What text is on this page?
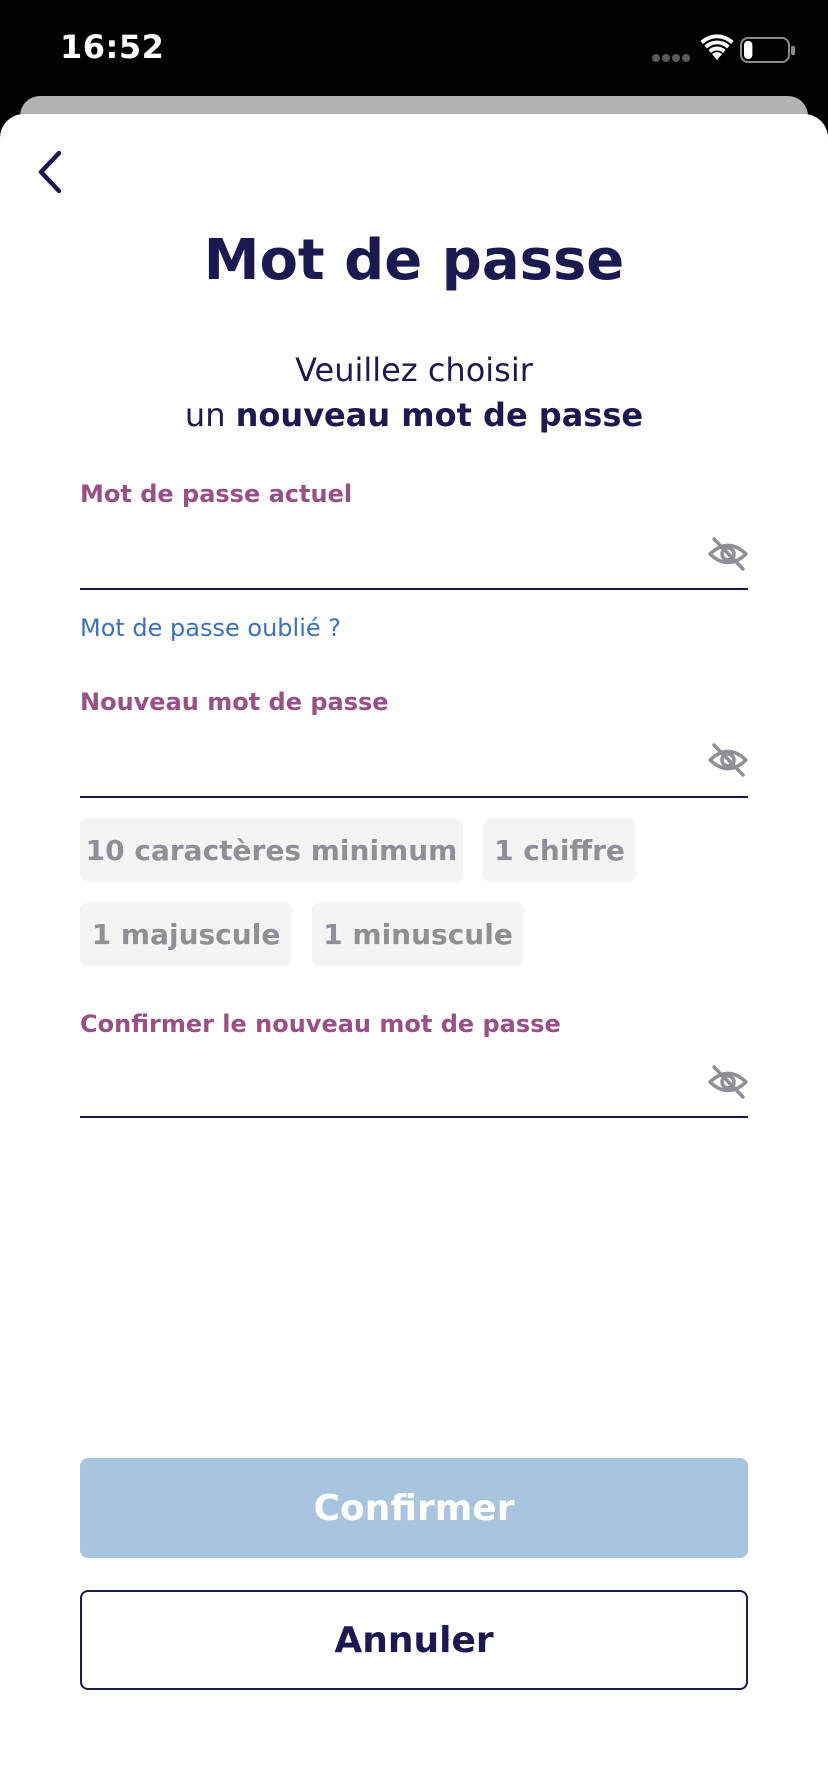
16:52
Mot de passe
Veuillez choisir
un nouveau mot de passe
Mot de passe actuel
Mot de passe oublié ?
Nouveau mot de passe
10 caractères minimum	1 chiffre
1 majuscule	1 minuscule
Confirmer le nouveau mot de passe
Confirmer
Annuler
